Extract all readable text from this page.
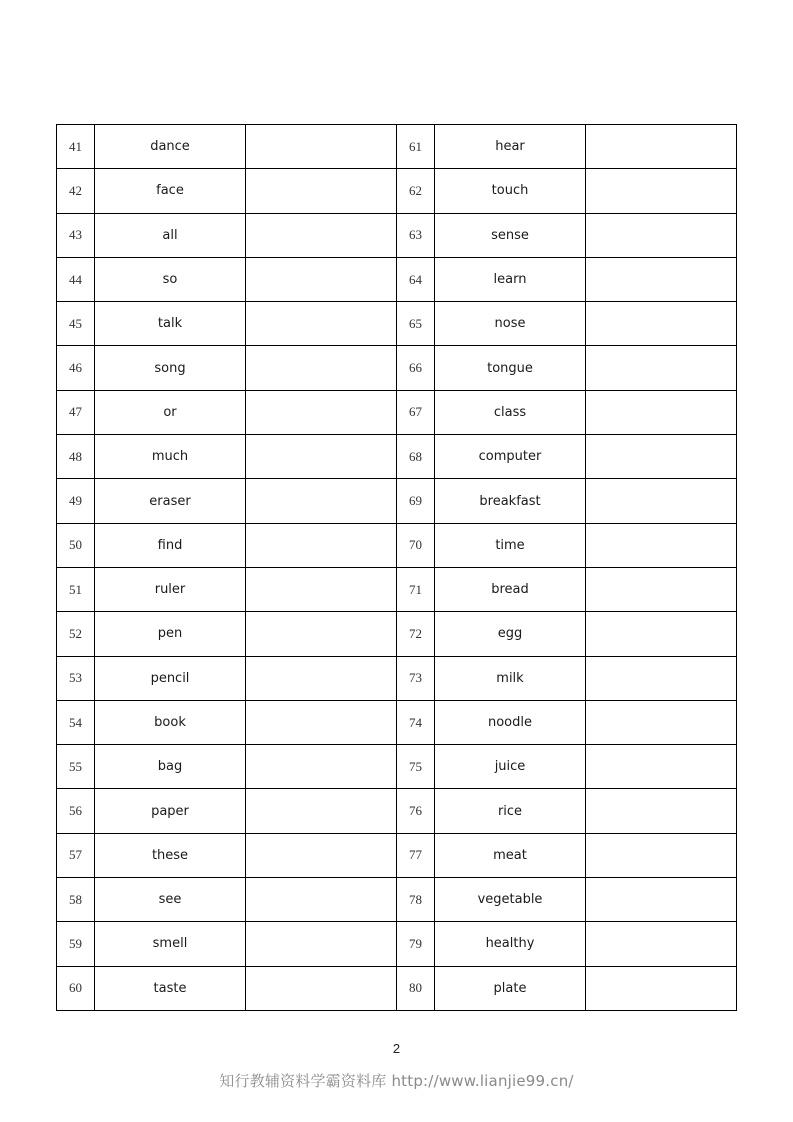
41	dance		61	hear	
42	face		62	touch	
43	all		63	sense	
44	so		64	learn	
45	talk		65	nose	
46	song		66	tongue	
47	or		67	class	
48	much		68	computer	
49	eraser		69	breakfast	
50	find		70	time	
51	ruler		71	bread	
52	pen		72	egg	
53	pencil		73	milk	
54	book		74	noodle	
55	bag		75	juice	
56	paper		76	rice	
57	these		77	meat	
58	see		78	vegetable	
59	smell		79	healthy	
60	taste		80	plate	
2
知行教辅资料学霸资料库 http://www.lianjie99.cn/
